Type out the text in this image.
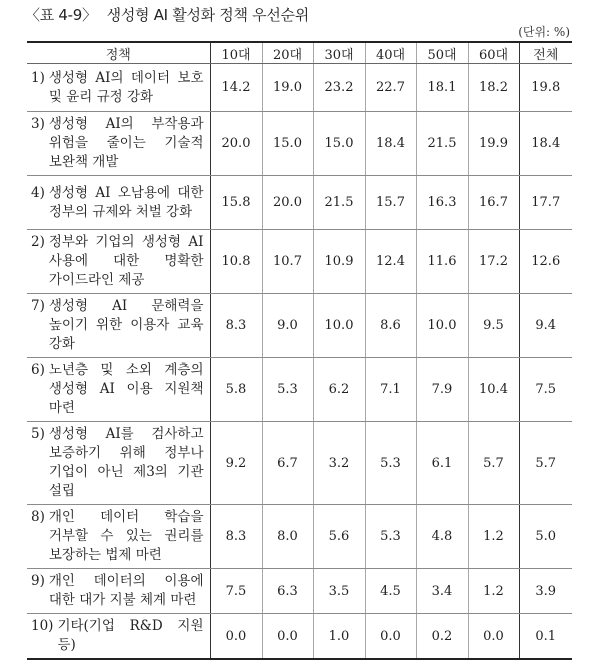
〈표 4-9〉 생성형 AI 활성화 정책 우선순위
(단위: %)
정책	10대	20대	30대	40대	50대	60대	전체

1) 생성형 AI의 데이터 보호 및 윤리 규정 강화	14.2	19.0	23.2	22.7	18.1	18.2	19.8

3) 생성형 AI의 부작용과 위험을 줄이는 기술적 보완책 개발	20.0	15.0	15.0	18.4	21.5	19.9	18.4

4) 생성형 AI 오남용에 대한 정부의 규제와 처벌 강화	15.8	20.0	21.5	15.7	16.3	16.7	17.7

2) 정부와 기업의 생성형 AI 사용에 대한 명확한 가이드라인 제공	10.8	10.7	10.9	12.4	11.6	17.2	12.6

7) 생성형 AI 문해력을 높이기 위한 이용자 교육 강화	8.3	9.0	10.0	8.6	10.0	9.5	9.4

6) 노년층 및 소외 계층의 생성형 AI 이용 지원책 마련	5.8	5.3	6.2	7.1	7.9	10.4	7.5

5) 생성형 AI를 검사하고 보증하기 위해 정부나 기업이 아닌 제3의 기관 설립	9.2	6.7	3.2	5.3	6.1	5.7	5.7

8) 개인 데이터 학습을 거부할 수 있는 권리를 보장하는 법제 마련	8.3	8.0	5.6	5.3	4.8	1.2	5.0

9) 개인 데이터의 이용에 대한 대가 지불 체계 마련	7.5	6.3	3.5	4.5	3.4	1.2	3.9

10) 기타(기업 R&D 지원 등)	0.0	0.0	1.0	0.0	0.2	0.0	0.1
